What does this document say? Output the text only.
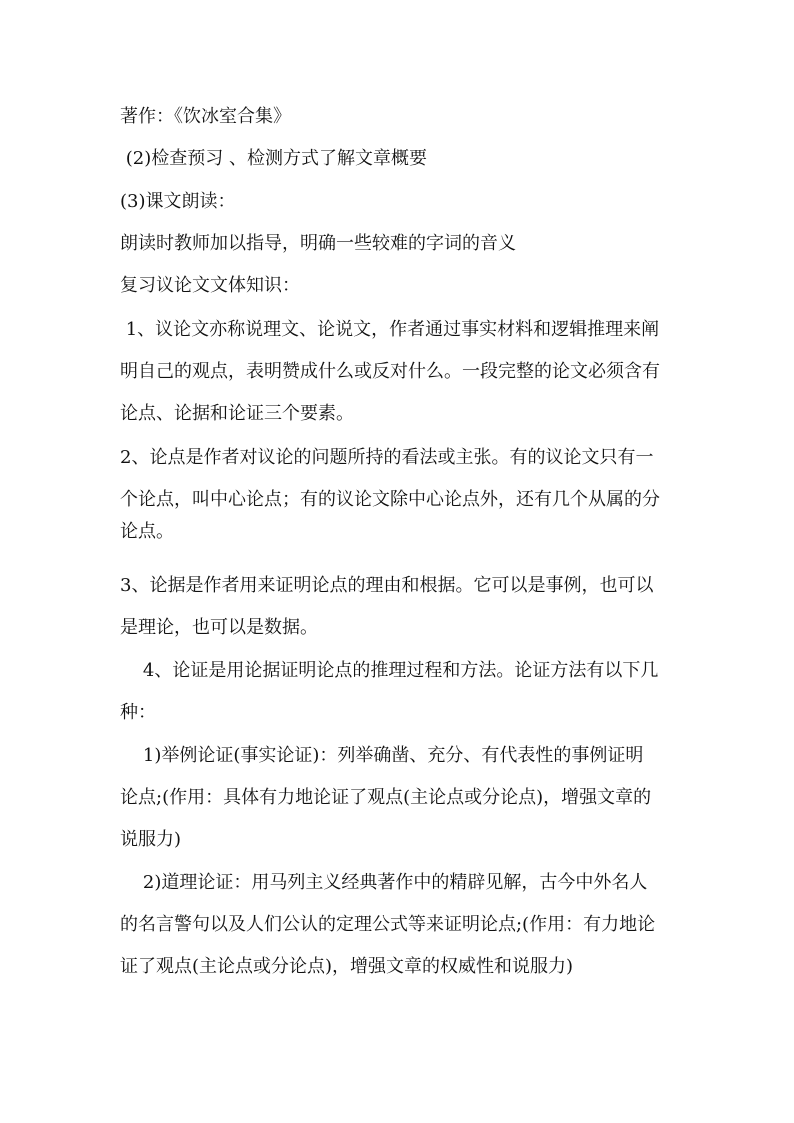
著作：《饮冰室合集》
(2)检查预习 、检测方式了解文章概要
(3)课文朗读：
朗读时教师加以指导，明确一些较难的字词的音义
复习议论文文体知识：
1、议论文亦称说理文、论说文，作者通过事实材料和逻辑推理来阐
明自己的观点，表明赞成什么或反对什么。一段完整的论文必须含有
论点、论据和论证三个要素。
2、论点是作者对议论的问题所持的看法或主张。有的议论文只有一
个论点，叫中心论点；有的议论文除中心论点外，还有几个从属的分
论点。
3、论据是作者用来证明论点的理由和根据。它可以是事例，也可以
是理论，也可以是数据。
4、论证是用论据证明论点的推理过程和方法。论证方法有以下几
种：
1)举例论证(事实论证)：列举确凿、充分、有代表性的事例证明
论点;(作用：具体有力地论证了观点(主论点或分论点)，增强文章的
说服力)
2)道理论证：用马列主义经典著作中的精辟见解，古今中外名人
的名言警句以及人们公认的定理公式等来证明论点;(作用：有力地论
证了观点(主论点或分论点)，增强文章的权威性和说服力)
